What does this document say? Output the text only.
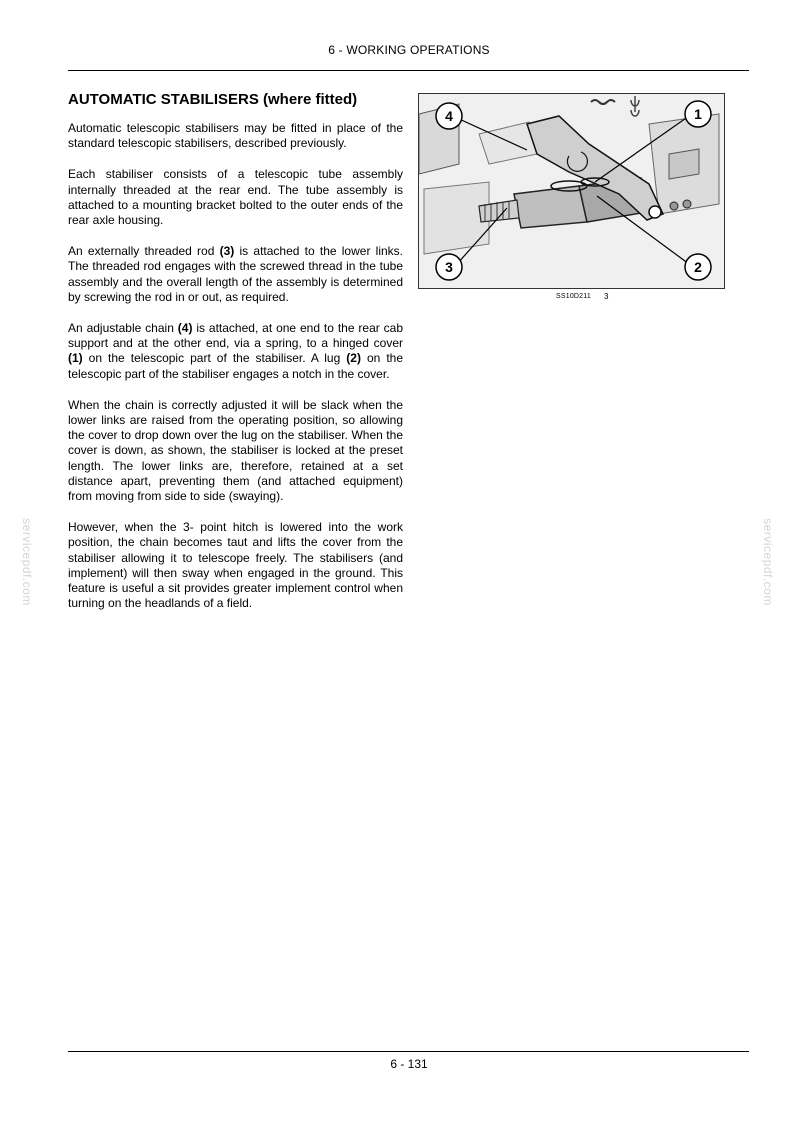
6 - WORKING OPERATIONS
AUTOMATIC STABILISERS (where fitted)

Automatic telescopic stabilisers may be fitted in place of the standard telescopic stabilisers, described previously.

Each stabiliser consists of a telescopic tube assembly internally threaded at the rear end. The tube assembly is attached to a mounting bracket bolted to the outer ends of the rear axle housing.

An externally threaded rod (3) is attached to the lower links. The threaded rod engages with the screwed thread in the tube assembly and the overall length of the assembly is determined by screwing the rod in or out, as required.

An adjustable chain (4) is attached, at one end to the rear cab support and at the other end, via a spring, to a hinged cover (1) on the telescopic part of the stabiliser. A lug (2) on the telescopic part of the stabiliser engages a notch in the cover.

When the chain is correctly adjusted it will be slack when the lower links are raised from the operating position, so allowing the cover to drop down over the lug on the stabiliser. When the cover is down, as shown, the stabiliser is locked at the preset length. The lower links are, therefore, retained at a set distance apart, preventing them (and attached equipment) from moving from side to side (swaying).

However, when the 3- point hitch is lowered into the work position, the chain becomes taut and lifts the cover from the stabiliser allowing it to telescope freely. The stabilisers (and implement) will then sway when engaged in the ground. This feature is useful a sit provides greater implement control when turning on the headlands of a field.

4	1
3	2
SS10D211 3
servicepdf.com	servicepdf.com
6 - 131
